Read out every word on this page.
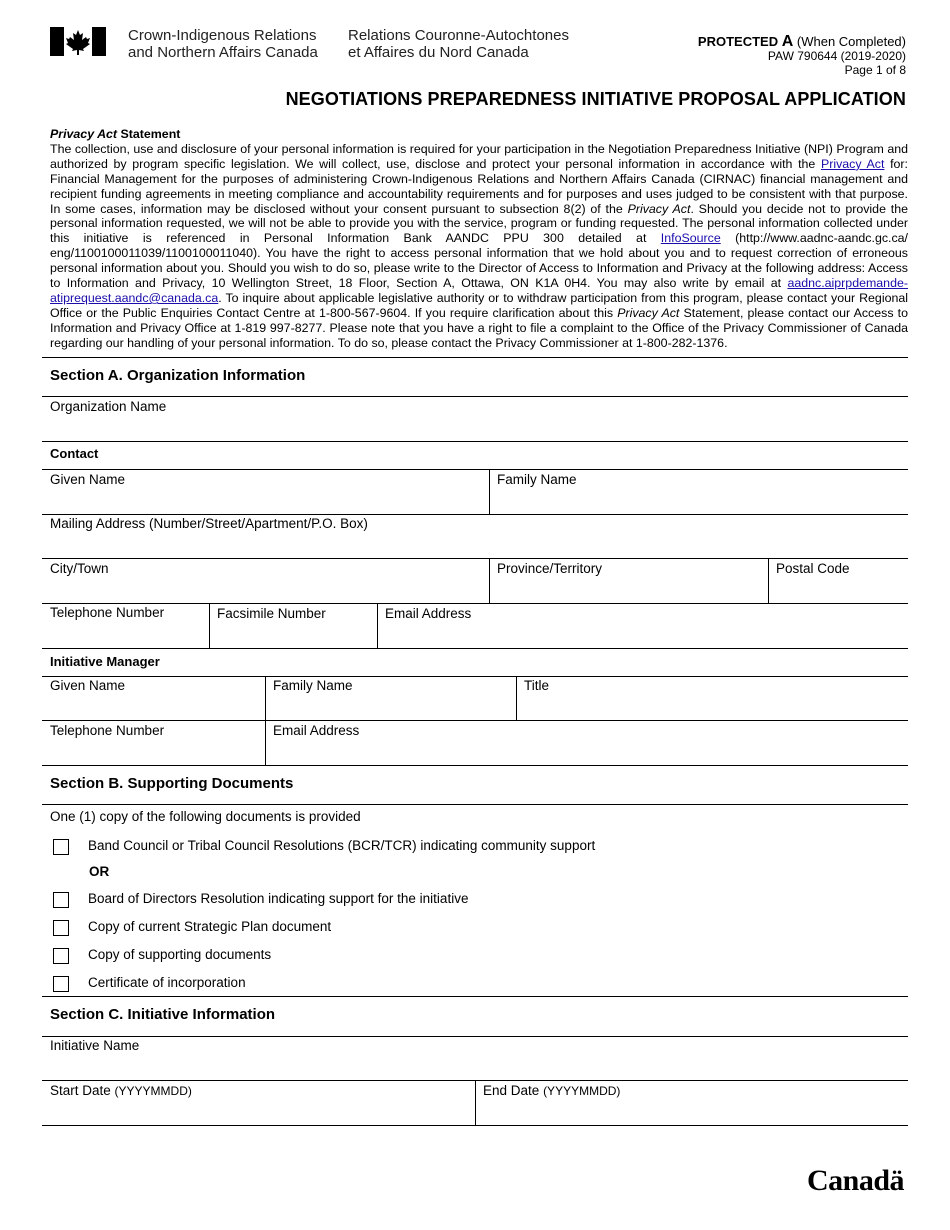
Crown-Indigenous Relations
and Northern Affairs Canada
Relations Couronne-Autochtones
et Affaires du Nord Canada
PROTECTED A (When Completed)
PAW 790644 (2019-2020)
Page 1 of 8
NEGOTIATIONS PREPAREDNESS INITIATIVE PROPOSAL APPLICATION
Privacy Act Statement
The collection, use and disclosure of your personal information is required for your participation in the Negotiation Preparedness Initiative (NPI) Program and authorized by program specific legislation. We will collect, use, disclose and protect your personal information in accordance with the Privacy Act for: Financial Management for the purposes of administering Crown-Indigenous Relations and Northern Affairs Canada (CIRNAC) financial management and recipient funding agreements in meeting compliance and accountability requirements and for purposes and uses judged to be consistent with that purpose. In some cases, information may be disclosed without your consent pursuant to subsection 8(2) of the Privacy Act. Should you decide not to provide the personal information requested, we will not be able to provide you with the service, program or funding requested. The personal information collected under this initiative is referenced in Personal Information Bank AANDC PPU 300 detailed at InfoSource (http://www.aadnc-aandc.gc.ca/ eng/1100100011039/1100100011040). You have the right to access personal information that we hold about you and to request correction of erroneous personal information about you. Should you wish to do so, please write to the Director of Access to Information and Privacy at the following address: Access to Information and Privacy, 10 Wellington Street, 18 Floor, Section A, Ottawa, ON K1A 0H4. You may also write by email at aadnc.aiprpdemande-atiprequest.aandc@canada.ca. To inquire about applicable legislative authority or to withdraw participation from this program, please contact your Regional Office or the Public Enquiries Contact Centre at 1-800-567-9604. If you require clarification about this Privacy Act Statement, please contact our Access to Information and Privacy Office at 1-819 997-8277. Please note that you have a right to file a complaint to the Office of the Privacy Commissioner of Canada regarding our handling of your personal information. To do so, please contact the Privacy Commissioner at 1-800-282-1376.
Section A. Organization Information
Organization Name
Contact
Given Name	Family Name
Mailing Address (Number/Street/Apartment/P.O. Box)
City/Town	Province/Territory	Postal Code
Telephone Number	Facsimile Number	Email Address
Initiative Manager
Given Name	Family Name	Title
Telephone Number	Email Address
Section B. Supporting Documents
One (1) copy of the following documents is provided
Band Council or Tribal Council Resolutions (BCR/TCR) indicating community support
OR
Board of Directors Resolution indicating support for the initiative
Copy of current Strategic Plan document
Copy of supporting documents
Certificate of incorporation
Section C. Initiative Information
Initiative Name
Start Date (YYYYMMDD)	End Date (YYYYMMDD)
Canadä
